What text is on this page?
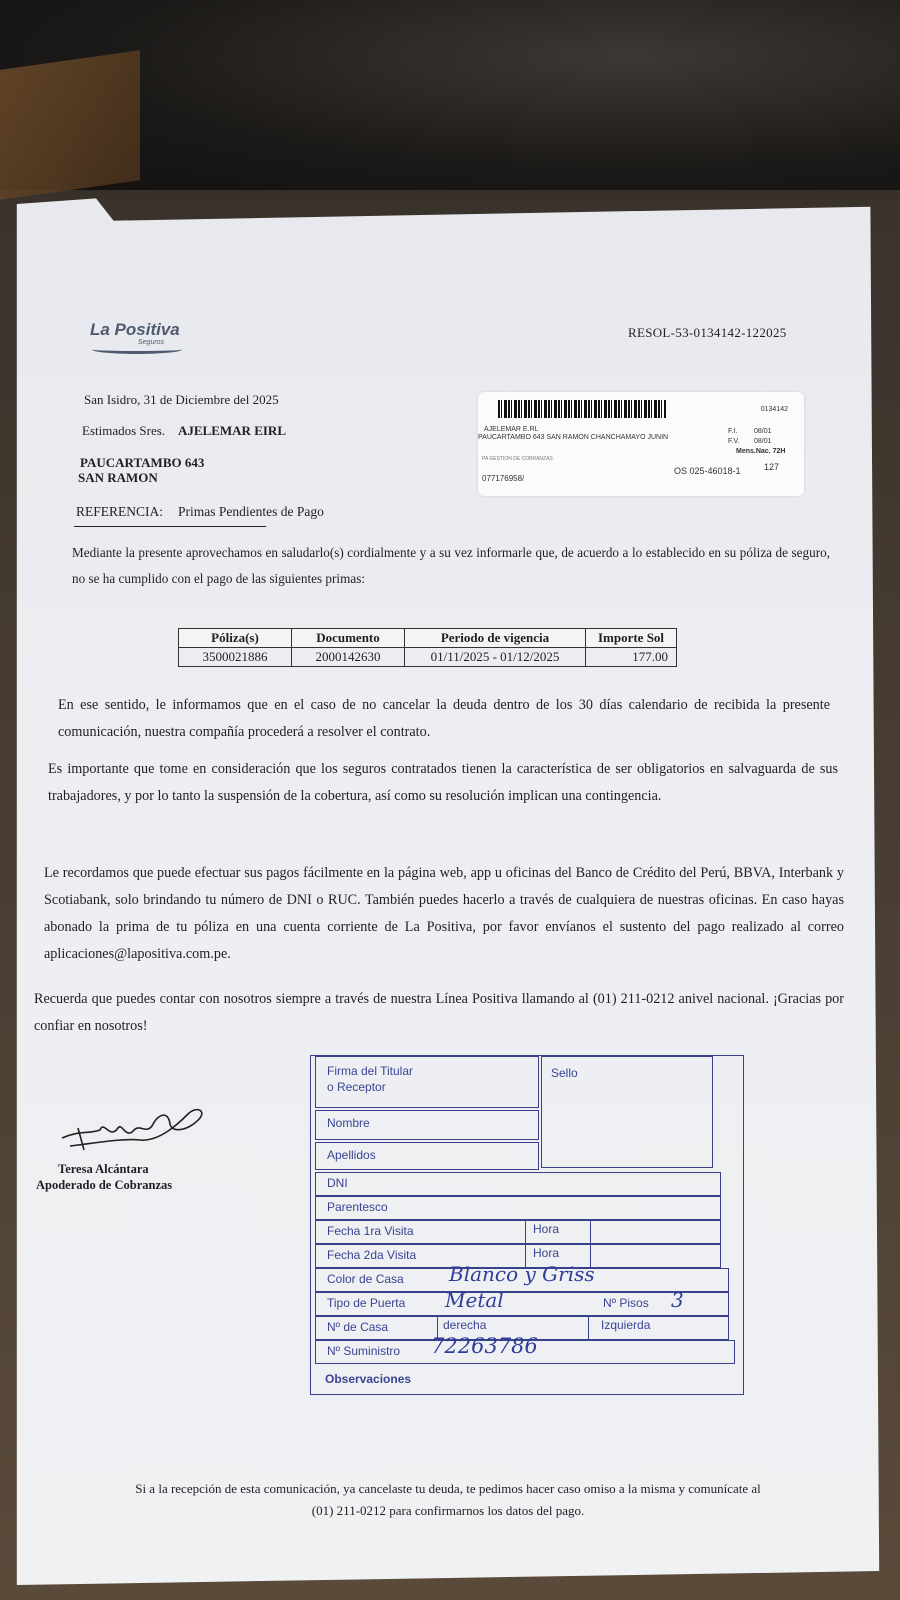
La Positiva
Seguros
RESOL-53-0134142-122025
San Isidro, 31 de Diciembre del 2025
Estimados Sres. AJELEMAR EIRL
PAUCARTAMBO 643
SAN RAMON
0134142
AJELEMAR E.RL
PAUCARTAMBO 643 SAN RAMON CHANCHAMAYO JUNIN
F.I. 08/01
F.V. 08/01
Mens.Nac. 72H
PA GESTION DE COBRANZAS
077176958/
OS 025-46018-1	127
REFERENCIA: Primas Pendientes de Pago
Mediante la presente aprovechamos en saludarlo(s) cordialmente y a su vez informarle que, de acuerdo a lo establecido en su póliza de seguro, no se ha cumplido con el pago de las siguientes primas:
Póliza(s)	Documento	Periodo de vigencia	Importe Sol
3500021886	2000142630	01/11/2025 - 01/12/2025	177.00
En ese sentido, le informamos que en el caso de no cancelar la deuda dentro de los 30 días calendario de recibida la presente comunicación, nuestra compañía procederá a resolver el contrato.
Es importante que tome en consideración que los seguros contratados tienen la característica de ser obligatorios en salvaguarda de sus trabajadores, y por lo tanto la suspensión de la cobertura, así como su resolución implican una contingencia.
Le recordamos que puede efectuar sus pagos fácilmente en la página web, app u oficinas del Banco de Crédito del Perú, BBVA, Interbank y Scotiabank, solo brindando tu número de DNI o RUC. También puedes hacerlo a través de cualquiera de nuestras oficinas. En caso hayas abonado la prima de tu póliza en una cuenta corriente de La Positiva, por favor envíanos el sustento del pago realizado al correo aplicaciones@lapositiva.com.pe.
Recuerda que puedes contar con nosotros siempre a través de nuestra Línea Positiva llamando al (01) 211-0212 anivel nacional. ¡Gracias por confiar en nosotros!
Teresa Alcántara
Apoderado de Cobranzas
Firma del Titular
o Receptor
Sello
Nombre
Apellidos
DNI
Parentesco
Fecha 1ra Visita	Hora
Fecha 2da Visita	Hora
Color de Casa Blanco y Griss
Tipo de Puerta Metal	Nº Pisos 3
Nº de Casa	derecha	Izquierda
Nº Suministro 72263786
Observaciones
Si a la recepción de esta comunicación, ya cancelaste tu deuda, te pedimos hacer caso omiso a la misma y comunícate al
(01) 211-0212 para confirmarnos los datos del pago.
